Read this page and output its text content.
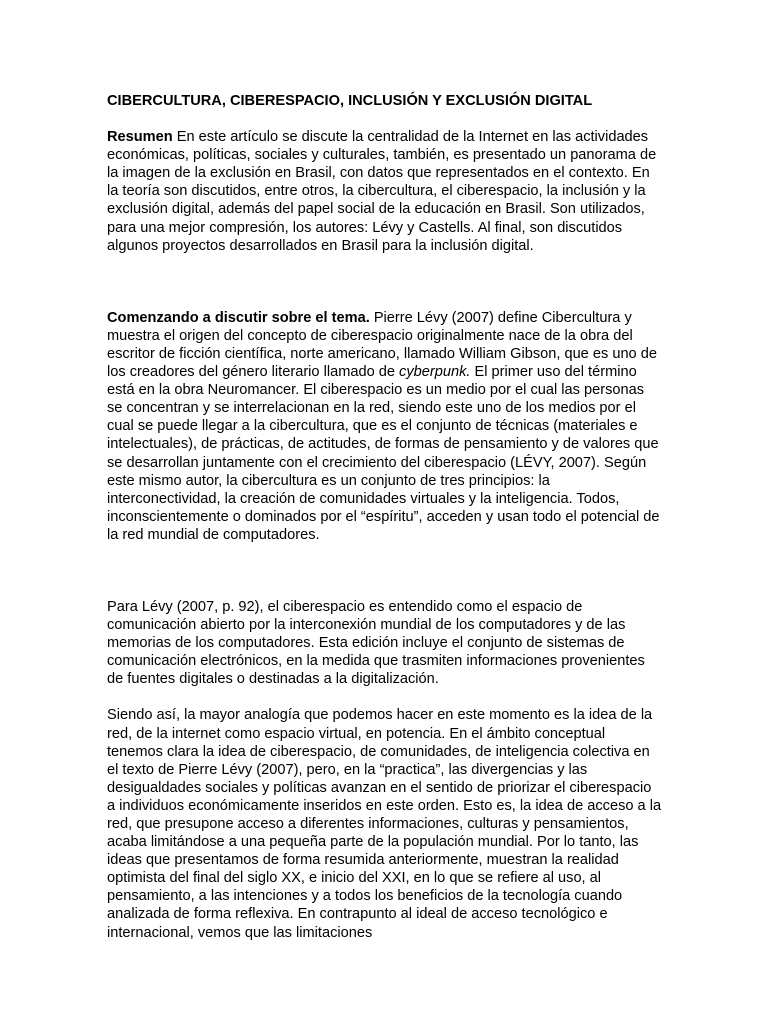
CIBERCULTURA, CIBERESPACIO, INCLUSIÓN Y EXCLUSIÓN DIGITAL

Resumen En este artículo se discute la centralidad de la Internet en las actividades económicas, políticas, sociales y culturales, también, es presentado un panorama de la imagen de la exclusión en Brasil, con datos que representados en el contexto. En la teoría son discutidos, entre otros, la cibercultura, el ciberespacio, la inclusión y la exclusión digital, además del papel social de la educación en Brasil. Son utilizados, para una mejor compresión, los autores: Lévy y Castells. Al final, son discutidos algunos proyectos desarrollados en Brasil para la inclusión digital.

Comenzando a discutir sobre el tema. Pierre Lévy (2007) define Cibercultura y muestra el origen del concepto de ciberespacio originalmente nace de la obra del escritor de ficción científica, norte americano, llamado William Gibson, que es uno de los creadores del género literario llamado de cyberpunk. El primer uso del término está en la obra Neuromancer. El ciberespacio es un medio por el cual las personas se concentran y se interrelacionan en la red, siendo este uno de los medios por el cual se puede llegar a la cibercultura, que es el conjunto de técnicas (materiales e intelectuales), de prácticas, de actitudes, de formas de pensamiento y de valores que se desarrollan juntamente con el crecimiento del ciberespacio (LÉVY, 2007). Según este mismo autor, la cibercultura es un conjunto de tres principios: la interconectividad, la creación de comunidades virtuales y la inteligencia. Todos, inconscientemente o dominados por el “espíritu”, acceden y usan todo el potencial de la red mundial de computadores.

Para Lévy (2007, p. 92), el ciberespacio es entendido como el espacio de comunicación abierto por la interconexión mundial de los computadores y de las memorias de los computadores. Esta edición incluye el conjunto de sistemas de comunicación electrónicos, en la medida que trasmiten informaciones provenientes de fuentes digitales o destinadas a la digitalización.

Siendo así, la mayor analogía que podemos hacer en este momento es la idea de la red, de la internet como espacio virtual, en potencia. En el ámbito conceptual tenemos clara la idea de ciberespacio, de comunidades, de inteligencia colectiva en el texto de Pierre Lévy (2007), pero, en la “practica”, las divergencias y las desigualdades sociales y políticas avanzan en el sentido de priorizar el ciberespacio a individuos económicamente inseridos en este orden. Esto es, la idea de acceso a la red, que presupone acceso a diferentes informaciones, culturas y pensamientos, acaba limitándose a una pequeña parte de la populación mundial. Por lo tanto, las ideas que presentamos de forma resumida anteriormente, muestran la realidad optimista del final del siglo XX, e inicio del XXI, en lo que se refiere al uso, al pensamiento, a las intenciones y a todos los beneficios de la tecnología cuando analizada de forma reflexiva. En contrapunto al ideal de acceso tecnológico e internacional, vemos que las limitaciones
